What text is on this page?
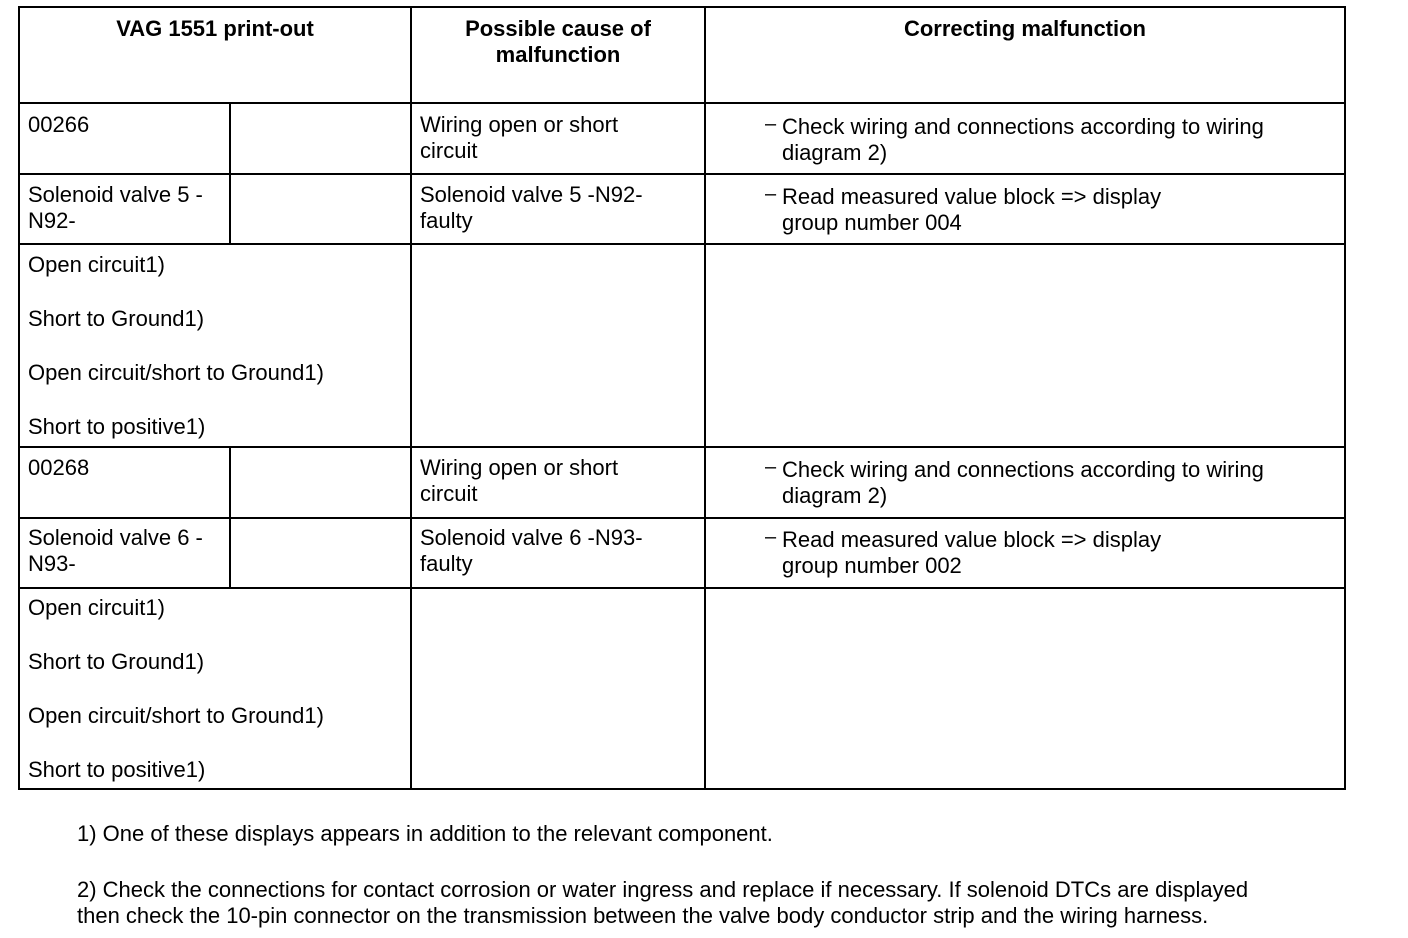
VAG 1551 print-out	Possible cause of
malfunction
Correcting malfunction
00266
Solenoid valve 5 -
N92-
Wiring open or short
circuit
Solenoid valve 5 -N92-
faulty
– Check wiring and connections according to wiring
diagram 2)
– Read measured value block => display
group number 004
Open circuit1)
Short to Ground1)
Open circuit/short to Ground1)
Short to positive1)
00268
Solenoid valve 6 -
N93-
Wiring open or short
circuit
Solenoid valve 6 -N93-
faulty
– Check wiring and connections according to wiring
diagram 2)
– Read measured value block => display
group number 002
Open circuit1)
Short to Ground1)
Open circuit/short to Ground1)
Short to positive1)
1) One of these displays appears in addition to the relevant component.
2) Check the connections for contact corrosion or water ingress and replace if necessary. If solenoid DTCs are displayed
then check the 10-pin connector on the transmission between the valve body conductor strip and the wiring harness.
